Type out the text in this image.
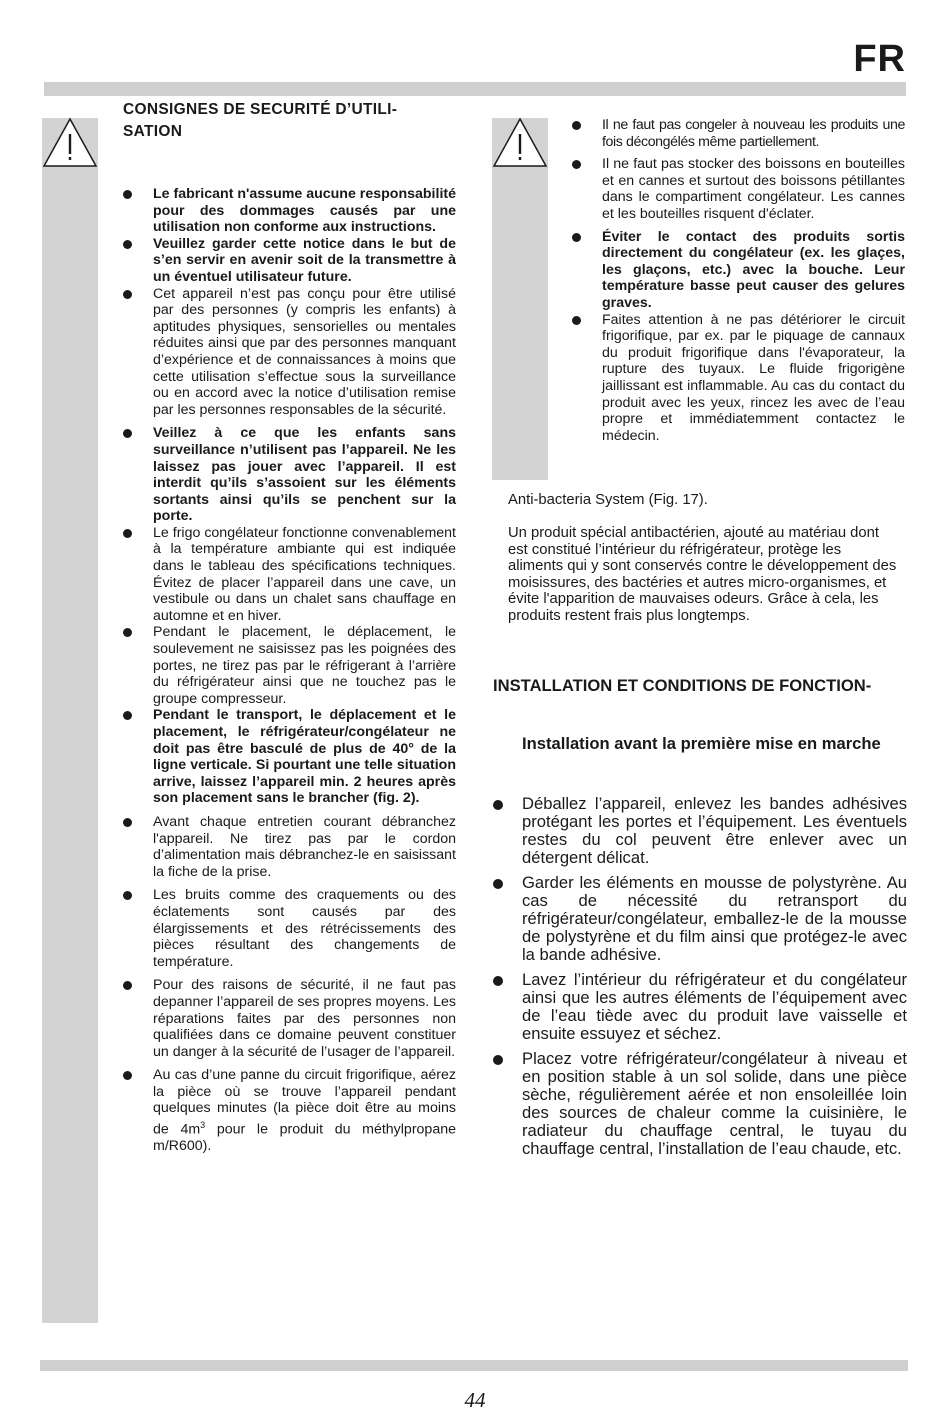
FR
CONSIGNES DE SECURITÉ D’UTILI-
SATION
Le fabricant n'assume aucune responsabilité pour des dommages causés par une utilisation non conforme aux instructions.
Veuillez garder cette notice dans le but de s’en servir en avenir soit de la transmettre à un éventuel utilisateur future.
Cet appareil n’est pas conçu pour être utilisé par des personnes (y compris les enfants) à aptitudes physiques, sensorielles ou mentales réduites ainsi que par des personnes manquant d’expérience et de connaissances à moins que cette utilisation s’effectue sous la surveillance ou en accord avec la notice d’utilisation remise par les personnes responsables de la sécurité.
Veillez à ce que les enfants sans surveillance n’utilisent pas l’appareil. Ne les laissez pas jouer avec l’appareil. Il est interdit qu’ils s’assoient sur les éléments sortants ainsi qu’ils se penchent sur la porte.
Le frigo congélateur fonctionne convenablement à la température ambiante qui est indiquée dans le tableau des spécifications techniques. Évitez de placer l’appareil dans une cave, un vestibule ou dans un chalet sans chauffage en automne et en hiver.
Pendant le placement, le déplacement, le soulevement ne saisissez pas les poignées des portes, ne tirez pas par le réfrigerant à l’arrière du réfrigérateur ainsi que ne touchez pas le groupe compresseur.
Pendant le transport, le déplacement et le placement, le réfrigérateur/congélateur ne doit pas être basculé de plus de 40° de la ligne verticale. Si pourtant une telle situation arrive, laissez l’appareil min. 2 heures après son placement sans le brancher (fig. 2).
Avant chaque entretien courant débranchez l'appareil. Ne tirez pas par le cordon d’alimentation mais débranchez-le en saisissant la fiche de la prise.
Les bruits comme des craquements ou des éclatements sont causés par des élargissements et des rétrécissements des pièces résultant des changements de température.
Pour des raisons de sécurité, il ne faut pas depanner l’appareil de ses propres moyens. Les réparations faites par des personnes non qualifiées dans ce domaine peuvent constituer un danger à la sécurité de l’usager de l’appareil.
Au cas d’une panne du circuit frigorifique, aérez la pièce où se trouve l’appareil pendant quelques minutes (la pièce doit être au moins de $4m^3$ pour le produit du méthylpropane m/R600).
Il ne faut pas congeler à nouveau les produits une fois décongélés même partiellement.
Il ne faut pas stocker des boissons en bouteilles et en cannes et surtout des boissons pétillantes dans le compartiment congélateur. Les cannes et les bouteilles risquent d'éclater.
Éviter le contact des produits sortis directement du congélateur (ex. les glaçes, les glaçons, etc.) avec la bouche. Leur température basse peut causer des gelures graves.
Faites attention à ne pas détériorer le circuit frigorifique, par ex. par le piquage de cannaux du produit frigorifique dans l'évaporateur, la rupture des tuyaux. Le fluide frigorigène jaillissant est inflammable. Au cas du contact du produit avec les yeux, rincez les avec de l’eau propre et immédiatemment contactez le médecin.
Anti-bacteria System (Fig. 17).
Un produit spécial antibactérien, ajouté au matériau dont est constitué l’intérieur du réfrigérateur, protège les aliments qui y sont conservés contre le développement des moisissures, des bactéries et autres micro-organismes, et évite l'apparition de mauvaises odeurs. Grâce à cela, les produits restent frais plus longtemps.
INSTALLATION ET CONDITIONS DE FONCTION-
Installation avant la première mise en marche
Déballez l’appareil, enlevez les bandes adhésives protégant les portes et l’équipement. Les éventuels restes du col peuvent être enlever avec un détergent délicat.
Garder les éléments en mousse de polystyrène. Au cas de nécessité du retransport du réfrigérateur/congélateur, emballez-le de la mousse de polystyrène et du film ainsi que protégez-le avec la bande adhésive.
Lavez l’intérieur du réfrigérateur et du congélateur ainsi que les autres éléments de l’équipement avec de l’eau tiède avec du produit lave vaisselle et ensuite essuyez et séchez.
Placez votre réfrigérateur/congélateur à niveau et en position stable à un sol solide, dans une pièce sèche, régulièrement aérée et non ensoleillée loin des sources de chaleur comme la cuisinière, le radiateur du chauffage central, le tuyau du chauffage central, l’installation de l’eau chaude, etc.
44
